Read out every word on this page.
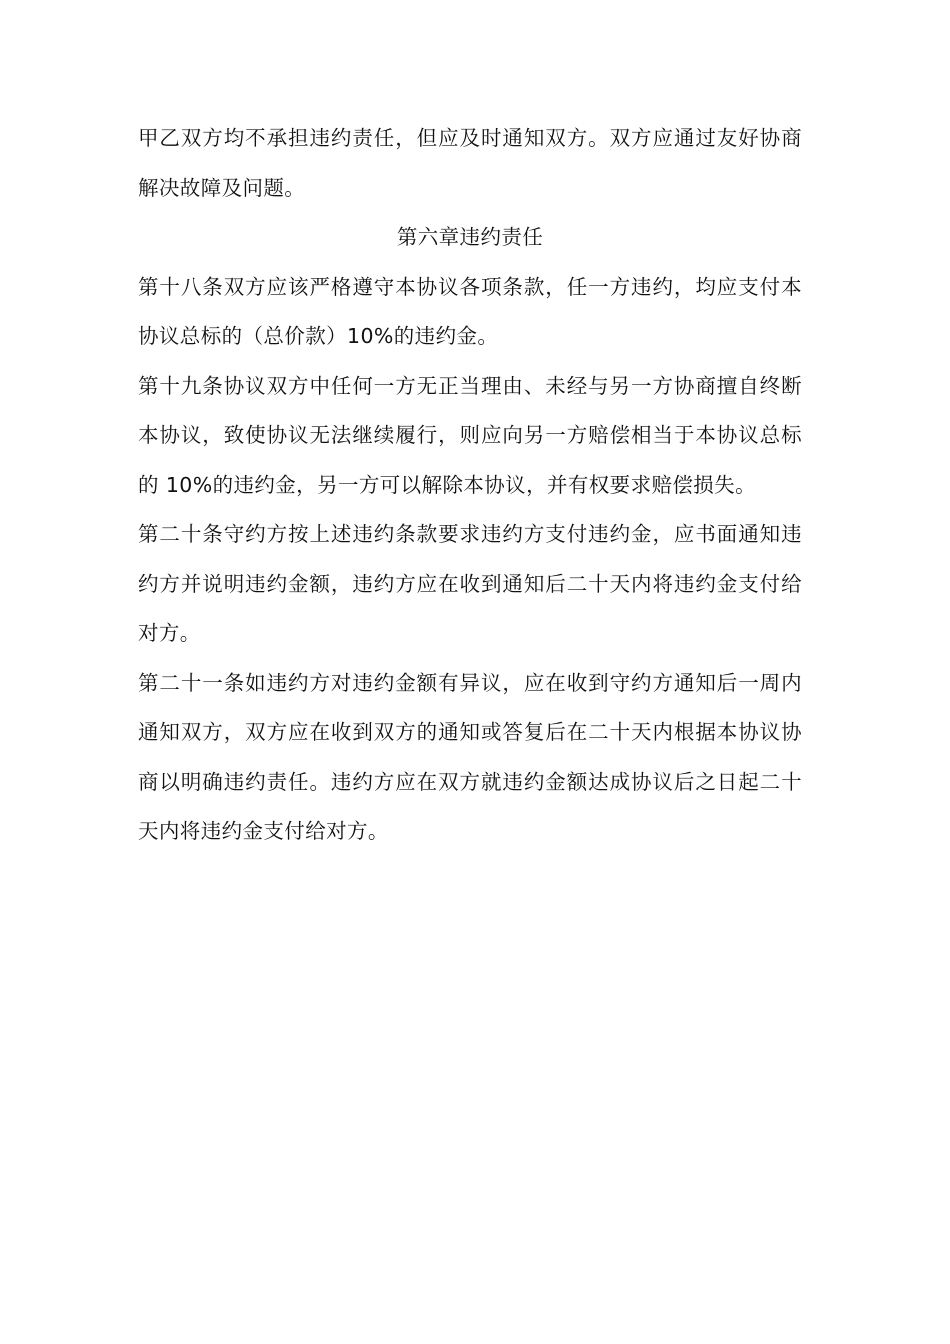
甲乙双方均不承担违约责任，但应及时通知双方。双方应通过友好协商解决故障及问题。

第六章违约责任

第十八条双方应该严格遵守本协议各项条款，任一方违约，均应支付本协议总标的（总价款）10%的违约金。

第十九条协议双方中任何一方无正当理由、未经与另一方协商擅自终断本协议，致使协议无法继续履行，则应向另一方赔偿相当于本协议总标的 10%的违约金，另一方可以解除本协议，并有权要求赔偿损失。

第二十条守约方按上述违约条款要求违约方支付违约金，应书面通知违约方并说明违约金额，违约方应在收到通知后二十天内将违约金支付给对方。

第二十一条如违约方对违约金额有异议，应在收到守约方通知后一周内通知双方，双方应在收到双方的通知或答复后在二十天内根据本协议协商以明确违约责任。违约方应在双方就违约金额达成协议后之日起二十天内将违约金支付给对方。
